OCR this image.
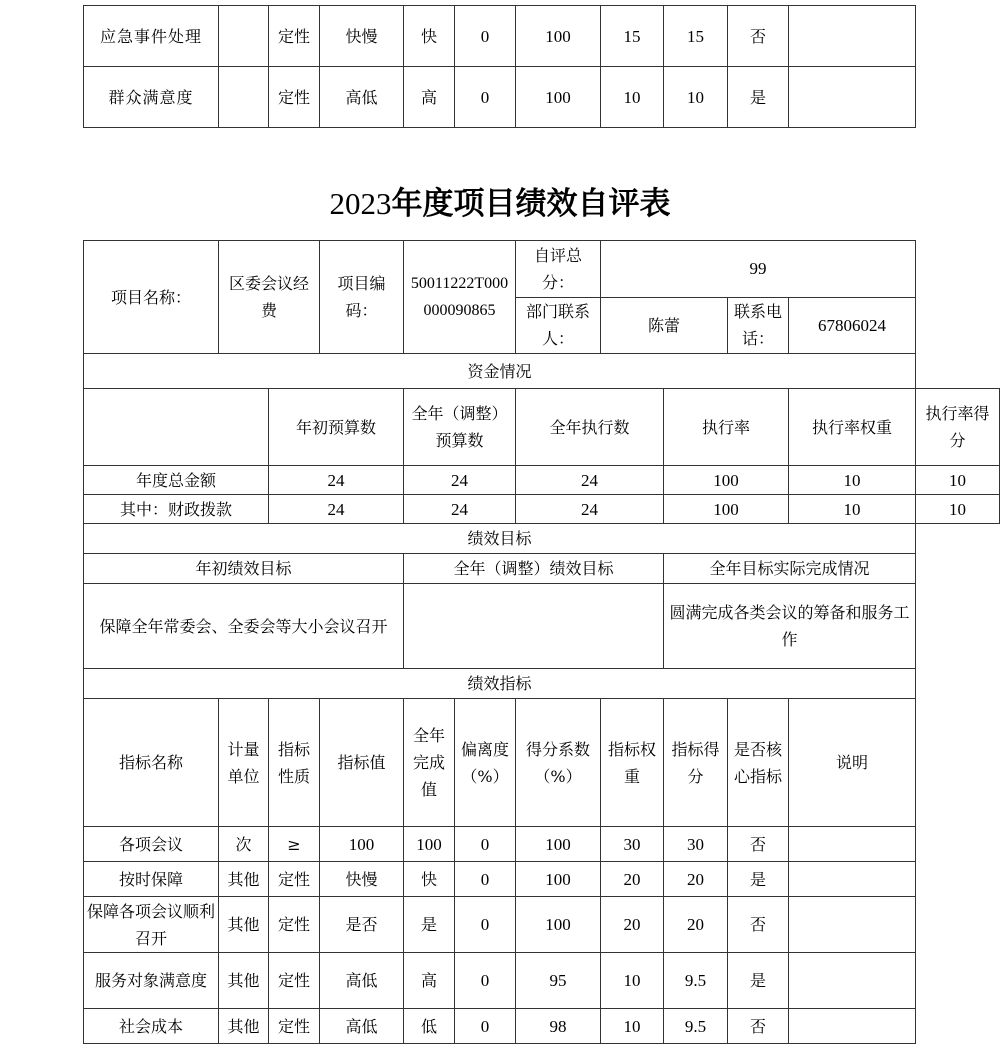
应急事件处理		定性	快慢	快	0	100	15	15	否	
群众满意度		定性	高低	高	0	100	10	10	是	
2023年度项目绩效自评表
项目名称：	区委会议经费		项目编码：	50011222T000000090865		自评总分：	99				
						部门联系人：	陈蕾		联系电话：	67806024	
资金情况											
		年初预算数		全年（调整）预算数		全年执行数		执行率		执行率权重	执行率得分
年度总金额		24		24		24		100		10	10
其中：财政拨款		24		24		24		100		10	10
绩效目标											
年初绩效目标				全年（调整）绩效目标				全年目标实际完成情况			
保障全年常委会、全委会等大小会议召开								圆满完成各类会议的筹备和服务工作			
绩效指标											
指标名称	计量单位	指标性质	指标值	全年完成值	偏离度（%）	得分系数（%）	指标权重	指标得分	是否核心指标	说明	
各项会议	次	≥	100	100	0	100	30	30	否		
按时保障	其他	定性	快慢	快	0	100	20	20	是		
保障各项会议顺利召开	其他	定性	是否	是	0	100	20	20	否		
服务对象满意度	其他	定性	高低	高	0	95	10	9.5	是		
社会成本	其他	定性	高低	低	0	98	10	9.5	否		
